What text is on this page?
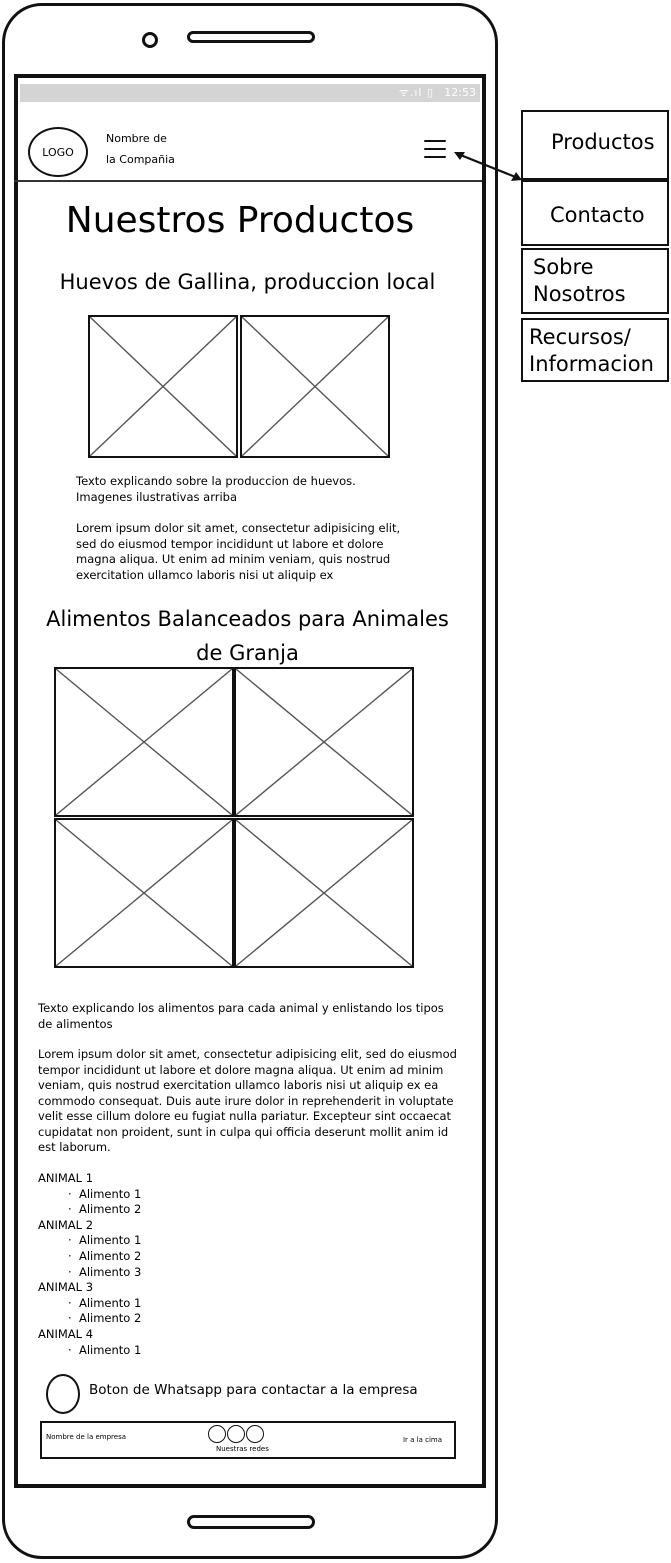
ᯤ.ıl ▯ 12:53
LOGO
Nombre de
la Compañia
Nuestros Productos
Huevos de Gallina, produccion local
Texto explicando sobre la produccion de huevos.
Imagenes ilustrativas arriba
Lorem ipsum dolor sit amet, consectetur adipisicing elit,
sed do eiusmod tempor incididunt ut labore et dolore
magna aliqua. Ut enim ad minim veniam, quis nostrud
exercitation ullamco laboris nisi ut aliquip ex
Alimentos Balanceados para Animales
de Granja
Texto explicando los alimentos para cada animal y enlistando los tipos
de alimentos
Lorem ipsum dolor sit amet, consectetur adipisicing elit, sed do eiusmod
tempor incididunt ut labore et dolore magna aliqua. Ut enim ad minim
veniam, quis nostrud exercitation ullamco laboris nisi ut aliquip ex ea
commodo consequat. Duis aute irure dolor in reprehenderit in voluptate
velit esse cillum dolore eu fugiat nulla pariatur. Excepteur sint occaecat
cupidatat non proident, sunt in culpa qui officia deserunt mollit anim id
est laborum.
ANIMAL 1
·  Alimento 1
·  Alimento 2
ANIMAL 2
·  Alimento 1
·  Alimento 2
·  Alimento 3
ANIMAL 3
·  Alimento 1
·  Alimento 2
ANIMAL 4
·  Alimento 1
Boton de Whatsapp para contactar a la empresa
Nombre de la empresa
Nuestras redes
Ir a la cima
Productos
Contacto
Sobre
Nosotros
Recursos/
Informacion
